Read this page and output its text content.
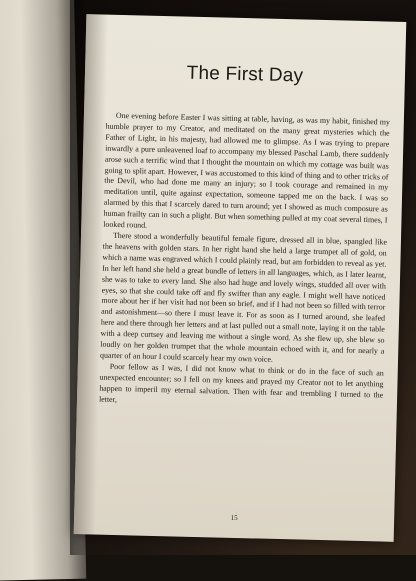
The First Day

One evening before Easter I was sitting at table, having, as was my habit, finished my humble prayer to my Creator, and meditated on the many great mysteries which the Father of Light, in his majesty, had allowed me to glimpse. As I was trying to prepare inwardly a pure unleavened loaf to accompany my blessed Paschal Lamb, there suddenly arose such a terrific wind that I thought the mountain on which my cottage was built was going to split apart. However, I was accustomed to this kind of thing and to other tricks of the Devil, who had done me many an injury; so I took courage and remained in my meditation until, quite against expectation, someone tapped me on the back. I was so alarmed by this that I scarcely dared to turn around; yet I showed as much composure as human frailty can in such a plight. But when something pulled at my coat several times, I looked round.

There stood a wonderfully beautiful female figure, dressed all in blue, spangled like the heavens with golden stars. In her right hand she held a large trumpet all of gold, on which a name was engraved which I could plainly read, but am forbidden to reveal as yet. In her left hand she held a great bundle of letters in all languages, which, as I later learnt, she was to take to every land. She also had huge and lovely wings, studded all over with eyes, so that she could take off and fly swifter than any eagle. I might well have noticed more about her if her visit had not been so brief, and if I had not been so filled with terror and astonishment—so there I must leave it. For as soon as I turned around, she leafed here and there through her letters and at last pulled out a small note, laying it on the table with a deep curtsey and leaving me without a single word. As she flew up, she blew so loudly on her golden trumpet that the whole mountain echoed with it, and for nearly a quarter of an hour I could scarcely hear my own voice.

Poor fellow as I was, I did not know what to think or do in the face of such an unexpected encounter; so I fell on my knees and prayed my Creator not to let anything happen to imperil my eternal salvation. Then with fear and trembling I turned to the letter,

15
